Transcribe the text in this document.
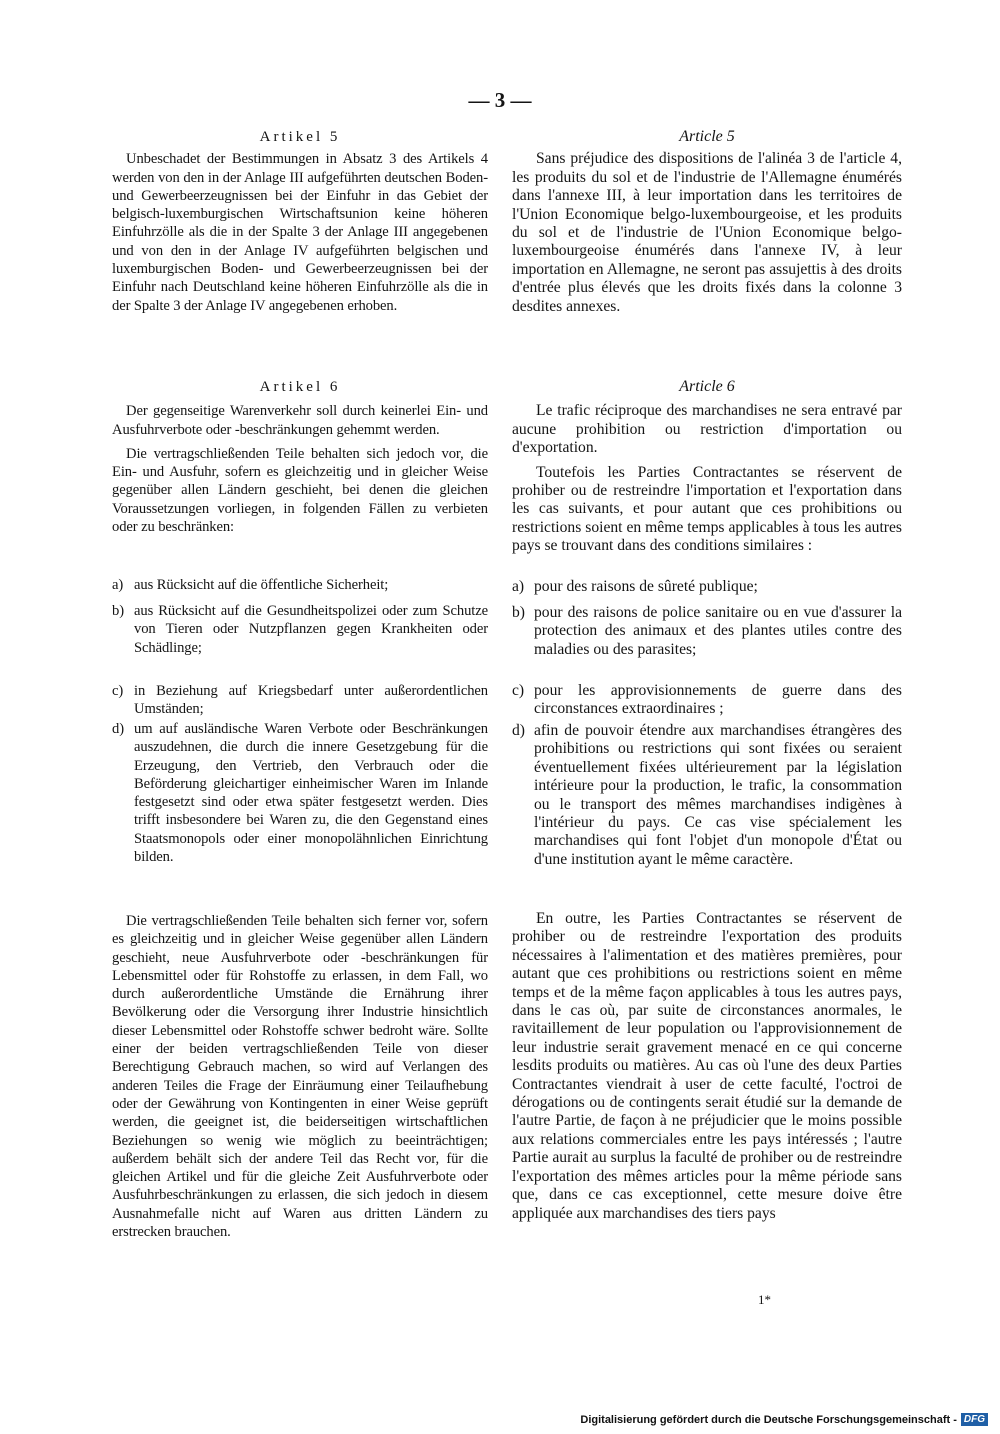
— 3 —

Artikel 5

Unbeschadet der Bestimmungen in Absatz 3 des Artikels 4 werden von den in der Anlage III aufgeführten deutschen Boden- und Gewerbeerzeugnissen bei der Einfuhr in das Gebiet der belgisch-luxemburgischen Wirtschaftsunion keine höheren Einfuhrzölle als die in der Spalte 3 der Anlage III angegebenen und von den in der Anlage IV aufgeführten belgischen und luxemburgischen Boden- und Gewerbeerzeugnissen bei der Einfuhr nach Deutschland keine höheren Einfuhrzölle als die in der Spalte 3 der Anlage IV angegebenen erhoben.

Artikel 6

Der gegenseitige Warenverkehr soll durch keinerlei Ein- und Ausfuhrverbote oder -beschränkungen gehemmt werden.

Die vertragschließenden Teile behalten sich jedoch vor, die Ein- und Ausfuhr, sofern es gleichzeitig und in gleicher Weise gegenüber allen Ländern geschieht, bei denen die gleichen Voraussetzungen vorliegen, in folgenden Fällen zu verbieten oder zu beschränken:

a) aus Rücksicht auf die öffentliche Sicherheit;

b) aus Rücksicht auf die Gesundheitspolizei oder zum Schutze von Tieren oder Nutzpflanzen gegen Krankheiten oder Schädlinge;

c) in Beziehung auf Kriegsbedarf unter außerordentlichen Umständen;

d) um auf ausländische Waren Verbote oder Beschränkungen auszudehnen, die durch die innere Gesetzgebung für die Erzeugung, den Vertrieb, den Verbrauch oder die Beförderung gleichartiger einheimischer Waren im Inlande festgesetzt sind oder etwa später festgesetzt werden. Dies trifft insbesondere bei Waren zu, die den Gegenstand eines Staatsmonopols oder einer monopolähnlichen Einrichtung bilden.

Die vertragschließenden Teile behalten sich ferner vor, sofern es gleichzeitig und in gleicher Weise gegenüber allen Ländern geschieht, neue Ausfuhrverbote oder -beschränkungen für Lebensmittel oder für Rohstoffe zu erlassen, in dem Fall, wo durch außerordentliche Umstände die Ernährung ihrer Bevölkerung oder die Versorgung ihrer Industrie hinsichtlich dieser Lebensmittel oder Rohstoffe schwer bedroht wäre. Sollte einer der beiden vertragschließenden Teile von dieser Berechtigung Gebrauch machen, so wird auf Verlangen des anderen Teiles die Frage der Einräumung einer Teilaufhebung oder der Gewährung von Kontingenten in einer Weise geprüft werden, die geeignet ist, die beiderseitigen wirtschaftlichen Beziehungen so wenig wie möglich zu beeinträchtigen; außerdem behält sich der andere Teil das Recht vor, für die gleichen Artikel und für die gleiche Zeit Ausfuhrverbote oder Ausfuhrbeschränkungen zu erlassen, die sich jedoch in diesem Ausnahmefalle nicht auf Waren aus dritten Ländern zu erstrecken brauchen.

Article 5

Sans préjudice des dispositions de l'alinéa 3 de l'article 4, les produits du sol et de l'industrie de l'Allemagne énumérés dans l'annexe III, à leur importation dans les territoires de l'Union Economique belgo-luxembourgeoise, et les produits du sol et de l'industrie de l'Union Economique belgo-luxembourgeoise énumérés dans l'annexe IV, à leur importation en Allemagne, ne seront pas assujettis à des droits d'entrée plus élevés que les droits fixés dans la colonne 3 desdites annexes.

Article 6

Le trafic réciproque des marchandises ne sera entravé par aucune prohibition ou restriction d'importation ou d'exportation.

Toutefois les Parties Contractantes se réservent de prohiber ou de restreindre l'importation et l'exportation dans les cas suivants, et pour autant que ces prohibitions ou restrictions soient en même temps applicables à tous les autres pays se trouvant dans des conditions similaires :

a) pour des raisons de sûreté publique;

b) pour des raisons de police sanitaire ou en vue d'assurer la protection des animaux et des plantes utiles contre des maladies ou des parasites;

c) pour les approvisionnements de guerre dans des circonstances extraordinaires ;

d) afin de pouvoir étendre aux marchandises étrangères des prohibitions ou restrictions qui sont fixées ou seraient éventuellement fixées ultérieurement par la législation intérieure pour la production, le trafic, la consommation ou le transport des mêmes marchandises indigènes à l'intérieur du pays. Ce cas vise spécialement les marchandises qui font l'objet d'un monopole d'État ou d'une institution ayant le même caractère.

En outre, les Parties Contractantes se réservent de prohiber ou de restreindre l'exportation des produits nécessaires à l'alimentation et des matières premières, pour autant que ces prohibitions ou restrictions soient en même temps et de la même façon applicables à tous les autres pays, dans le cas où, par suite de circonstances anormales, le ravitaillement de leur population ou l'approvisionnement de leur industrie serait gravement menacé en ce qui concerne lesdits produits ou matières. Au cas où l'une des deux Parties Contractantes viendrait à user de cette faculté, l'octroi de dérogations ou de contingents serait étudié sur la demande de l'autre Partie, de façon à ne préjudicier que le moins possible aux relations commerciales entre les pays intéressés ; l'autre Partie aurait au surplus la faculté de prohiber ou de restreindre l'exportation des mêmes articles pour la même période sans que, dans ce cas exceptionnel, cette mesure doive être appliquée aux marchandises des tiers pays

1*
Digitalisierung gefördert durch die Deutsche Forschungsgemeinschaft - DFG
